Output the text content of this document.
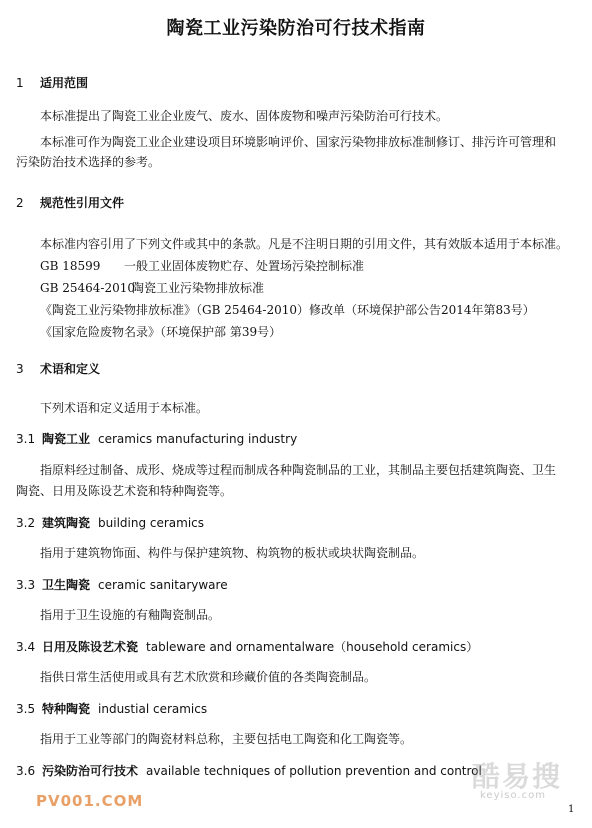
陶瓷工业污染防治可行技术指南
1 适用范围
本标准提出了陶瓷工业企业废气、废水、固体废物和噪声污染防治可行技术。
本标准可作为陶瓷工业企业建设项目环境影响评价、国家污染物排放标准制修订、排污许可管理和
污染防治技术选择的参考。
2 规范性引用文件
本标准内容引用了下列文件或其中的条款。凡是不注明日期的引用文件，其有效版本适用于本标准。
GB 18599 一般工业固体废物贮存、处置场污染控制标准
GB 25464-2010陶瓷工业污染物排放标准
《陶瓷工业污染物排放标准》（GB 25464-2010）修改单（环境保护部公告2014年第83号）
《国家危险废物名录》（环境保护部 第39号）
3 术语和定义
下列术语和定义适用于本标准。
3.1 陶瓷工业 ceramics manufacturing industry
指原料经过制备、成形、烧成等过程而制成各种陶瓷制品的工业，其制品主要包括建筑陶瓷、卫生
陶瓷、日用及陈设艺术瓷和特种陶瓷等。
3.2 建筑陶瓷 building ceramics
指用于建筑物饰面、构件与保护建筑物、构筑物的板状或块状陶瓷制品。
3.3 卫生陶瓷 ceramic sanitaryware
指用于卫生设施的有釉陶瓷制品。
3.4 日用及陈设艺术瓷 tableware and ornamentalware（household ceramics）
指供日常生活使用或具有艺术欣赏和珍藏价值的各类陶瓷制品。
3.5 特种陶瓷 industial ceramics
指用于工业等部门的陶瓷材料总称，主要包括电工陶瓷和化工陶瓷等。
3.6 污染防治可行技术 available techniques of pollution prevention and control
PV001.COM
酷易搜
keyiso.com
1
